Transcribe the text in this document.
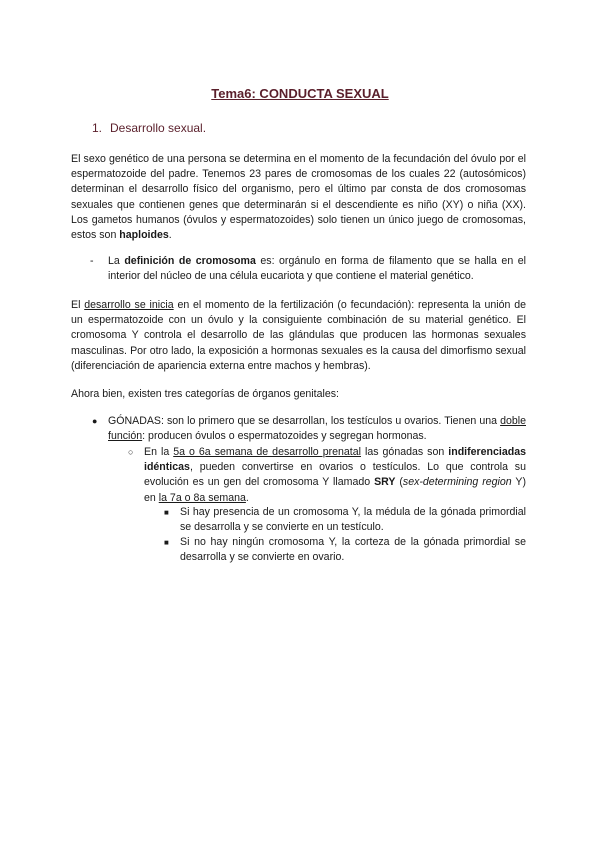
Tema6: CONDUCTA SEXUAL
1. Desarrollo sexual.

El sexo genético de una persona se determina en el momento de la fecundación del óvulo por el espermatozoide del padre. Tenemos 23 pares de cromosomas de los cuales 22 (autosómicos) determinan el desarrollo físico del organismo, pero el último par consta de dos cromosomas sexuales que contienen genes que determinarán si el descendiente es niño (XY) o niña (XX). Los gametos humanos (óvulos y espermatozoides) solo tienen un único juego de cromosomas, estos son haploides.

- La definición de cromosoma es: orgánulo en forma de filamento que se halla en el interior del núcleo de una célula eucariota y que contiene el material genético.

El desarrollo se inicia en el momento de la fertilización (o fecundación): representa la unión de un espermatozoide con un óvulo y la consiguiente combinación de su material genético. El cromosoma Y controla el desarrollo de las glándulas que producen las hormonas sexuales masculinas. Por otro lado, la exposición a hormonas sexuales es la causa del dimorfismo sexual (diferenciación de apariencia externa entre machos y hembras).

Ahora bien, existen tres categorías de órganos genitales:

● GÓNADAS: son lo primero que se desarrollan, los testículos u ovarios. Tienen una doble función: producen óvulos o espermatozoides y segregan hormonas.
○ En la 5a o 6a semana de desarrollo prenatal las gónadas son indiferenciadas idénticas, pueden convertirse en ovarios o testículos. Lo que controla su evolución es un gen del cromosoma Y llamado SRY (sex-determining region Y) en la 7a o 8a semana.
■ Si hay presencia de un cromosoma Y, la médula de la gónada primordial se desarrolla y se convierte en un testículo.
■ Si no hay ningún cromosoma Y, la corteza de la gónada primordial se desarrolla y se convierte en ovario.
